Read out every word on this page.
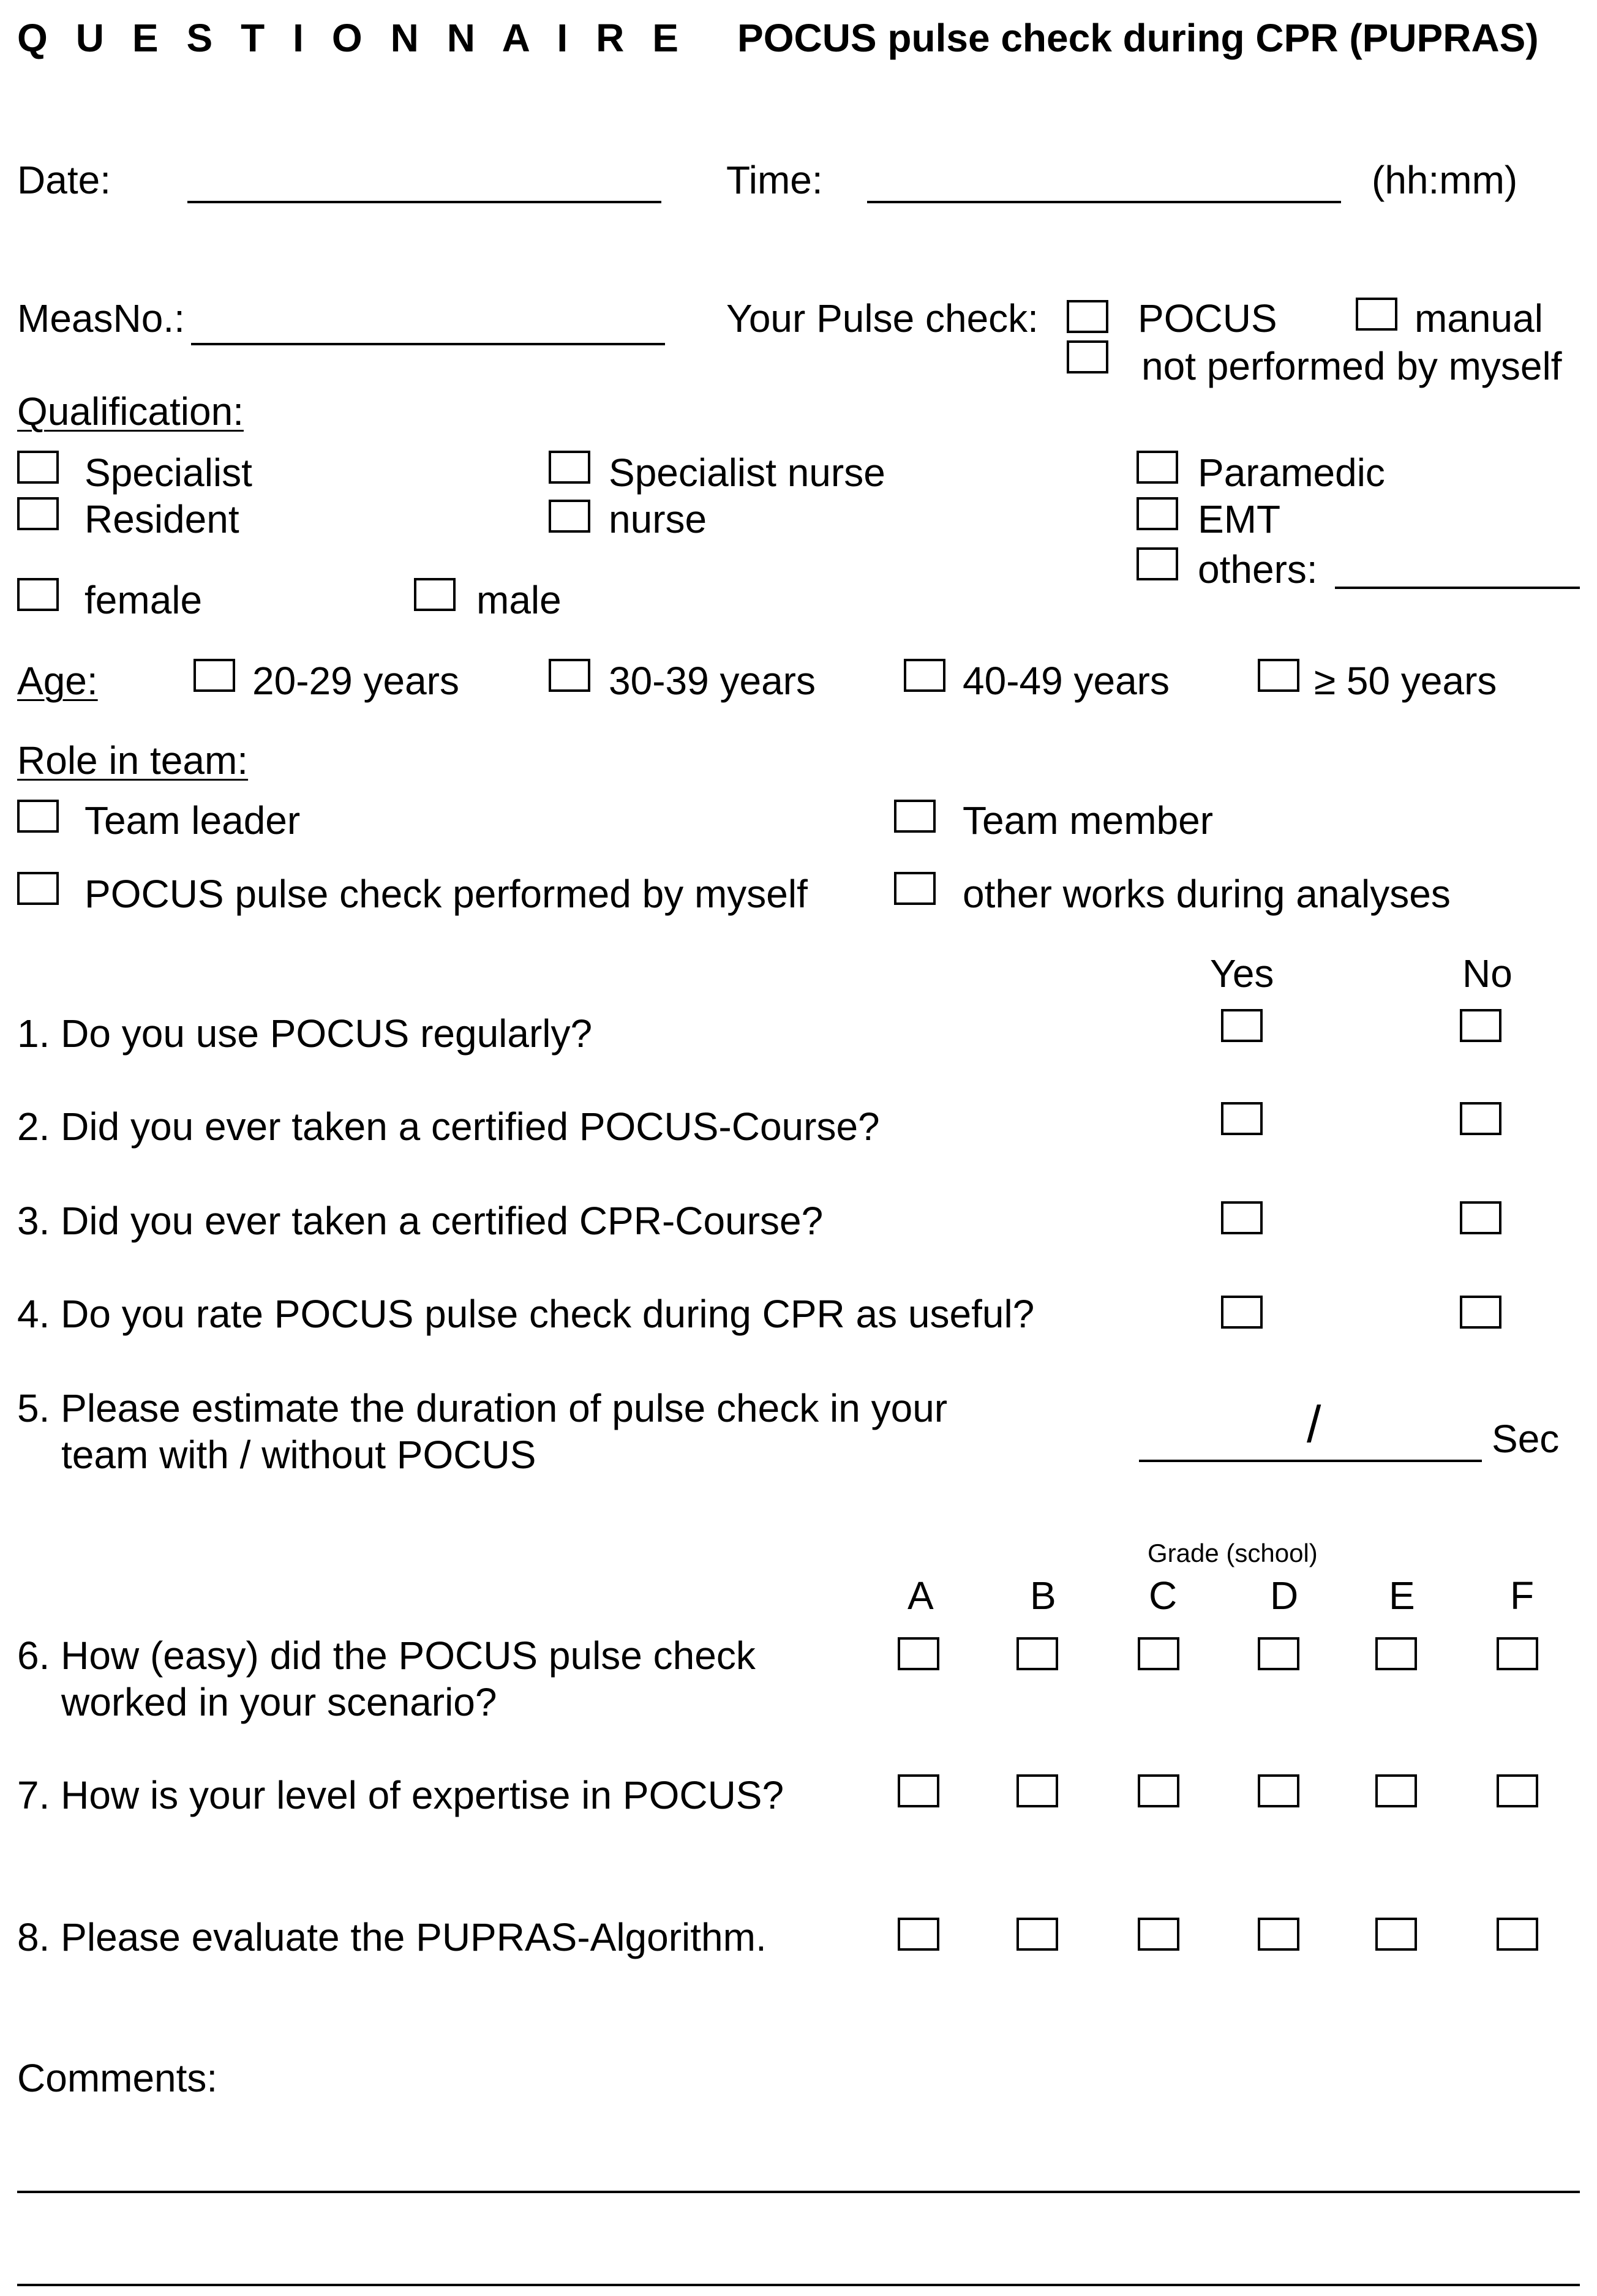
Q U E S T I O N N A I R E POCUS pulse check during CPR (PUPRAS)
Date:	Time:	(hh:mm)
MeasNo.:	Your Pulse check:	POCUS	manual
not performed by myself
Qualification:
Specialist	Specialist nurse	Paramedic
Resident	nurse	EMT
others:
female	male
Age:	20-29 years	30-39 years	40-49 years	≥ 50 years
Role in team:
Team leader	Team member
POCUS pulse check performed by myself	other works during analyses
Yes	No
1. Do you use POCUS regularly?
2. Did you ever taken a certified POCUS-Course?
3. Did you ever taken a certified CPR-Course?
4. Do you rate POCUS pulse check during CPR as useful?
5. Please estimate the duration of pulse check in your
team with / without POCUS
/	Sec
Grade (school)
A B C D E F
6. How (easy) did the POCUS pulse check
worked in your scenario?
7. How is your level of expertise in POCUS?
8. Please evaluate the PUPRAS-Algorithm.
Comments:
